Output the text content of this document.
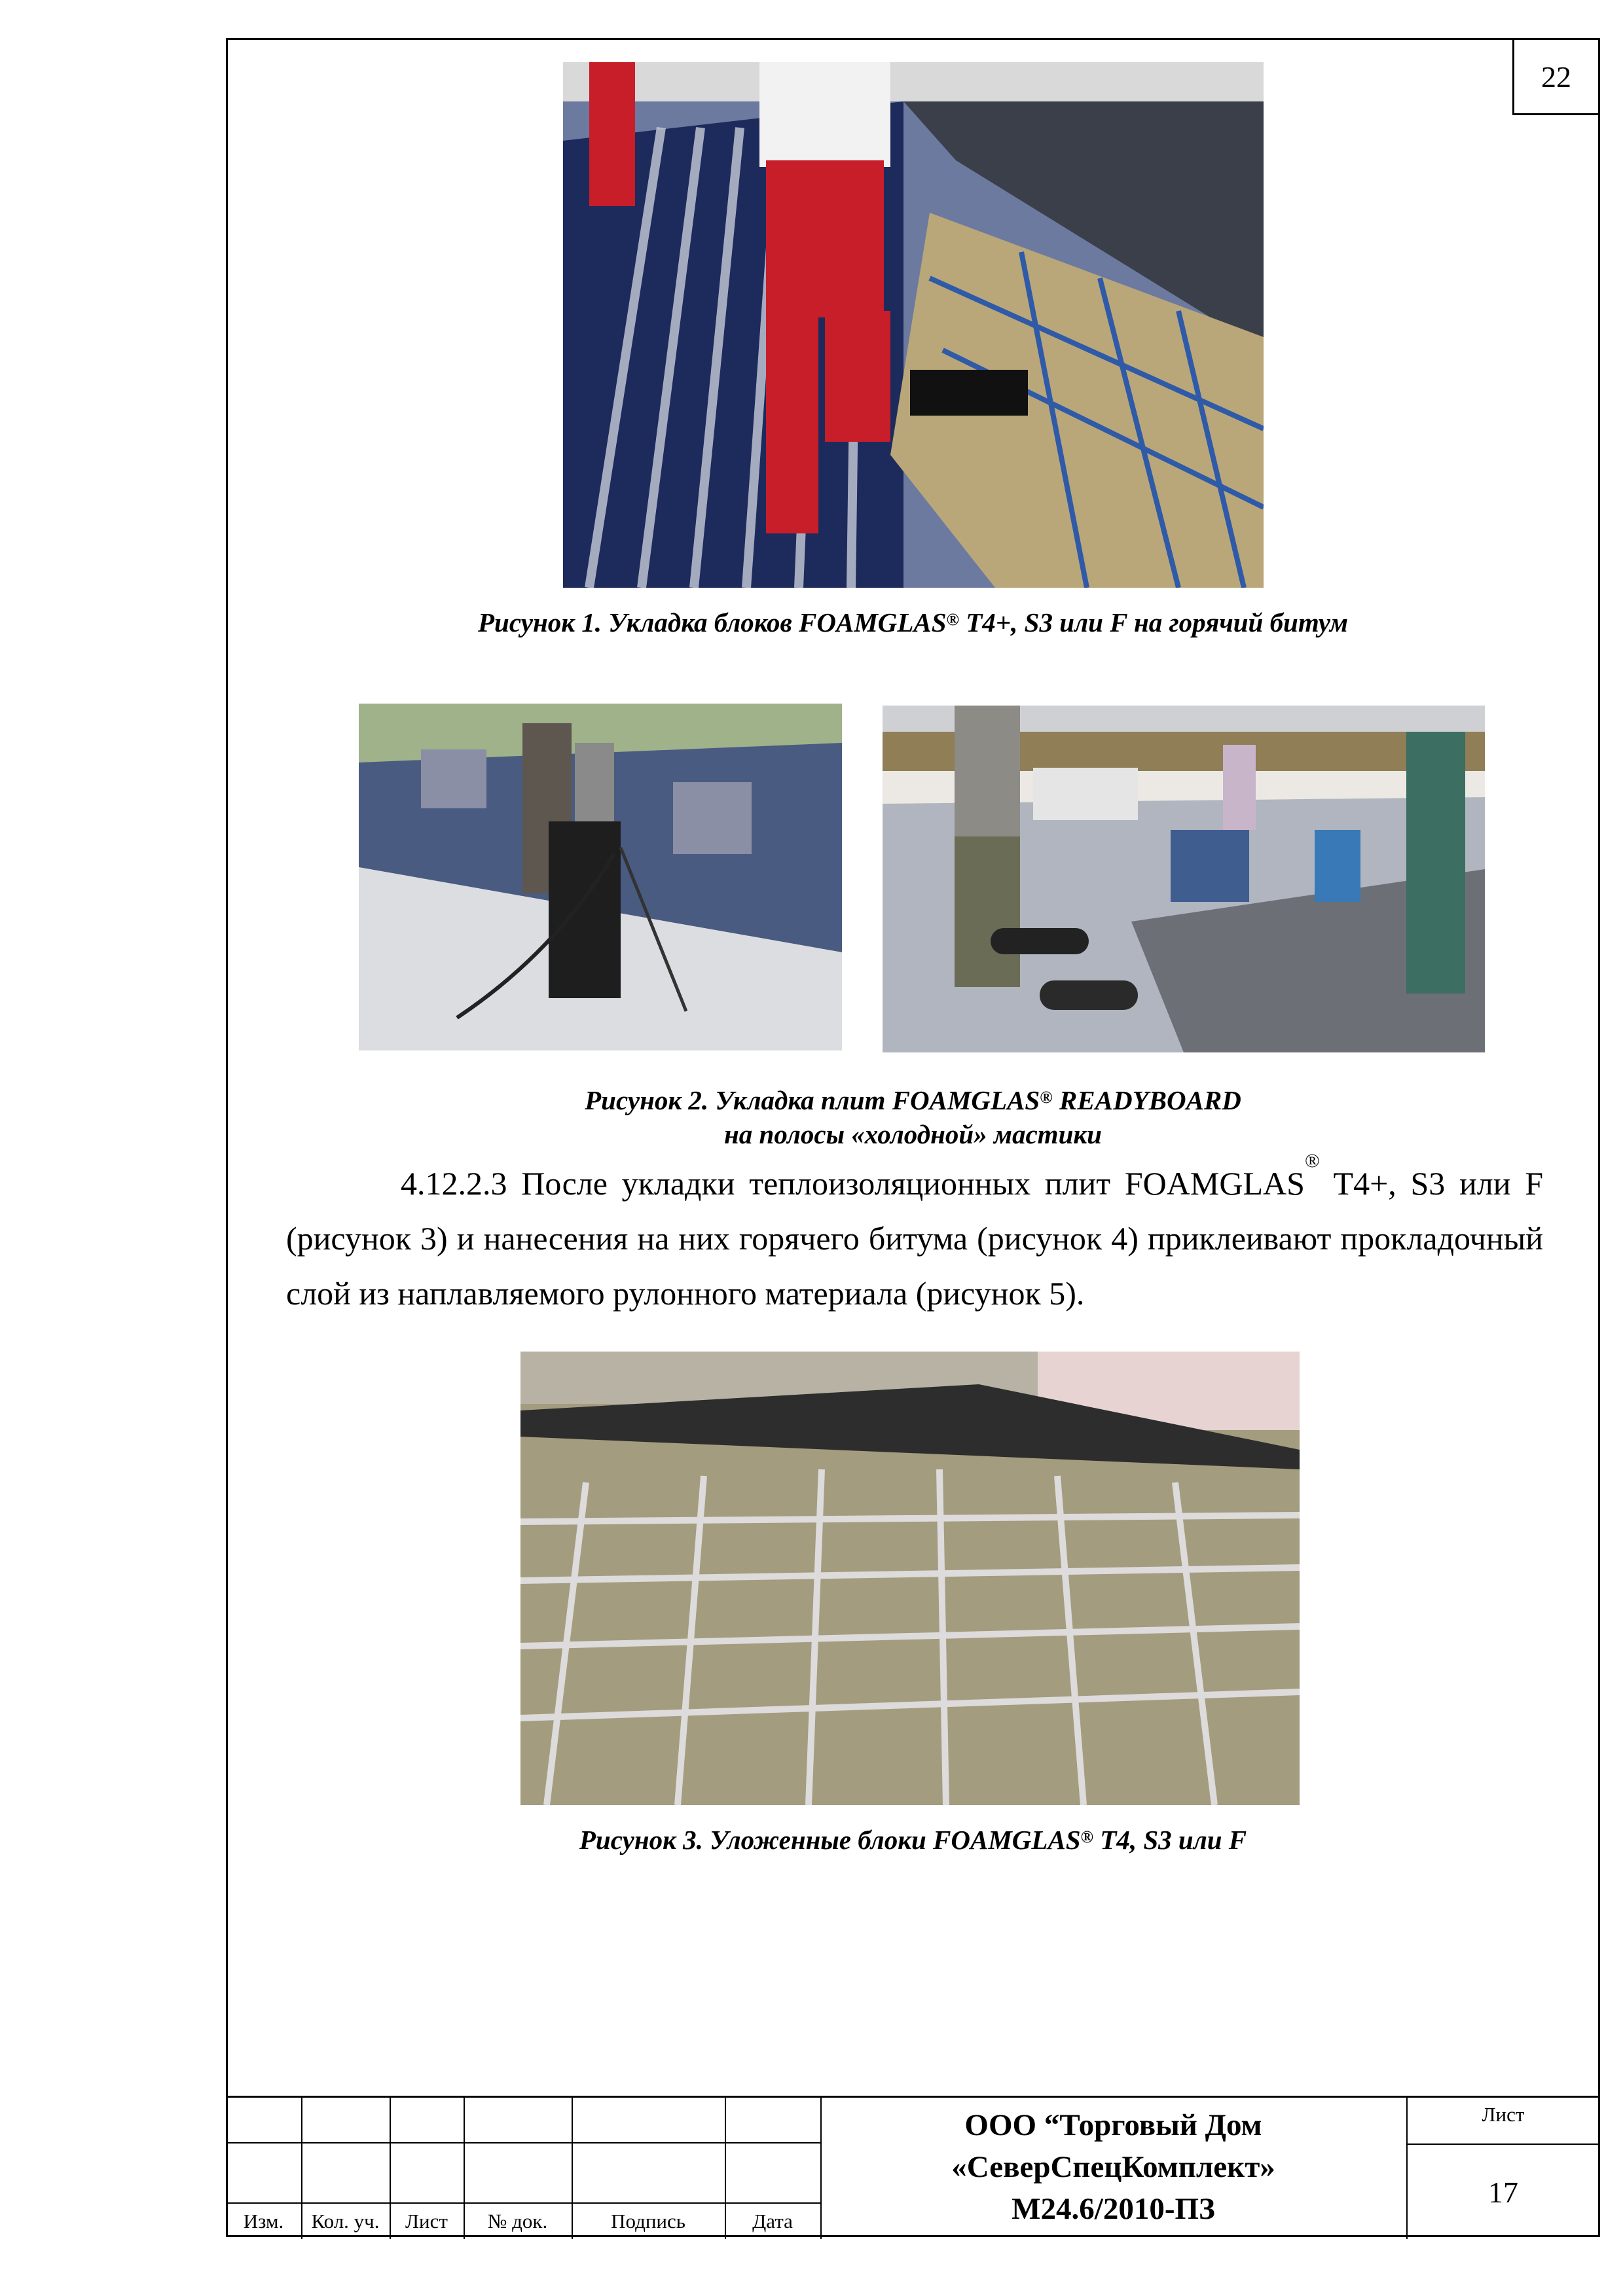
22
Рисунок 1. Укладка блоков FOAMGLAS® T4+, S3 или F на горячий битум
Рисунок 2. Укладка плит FOAMGLAS® READYBOARD
на полосы «холодной» мастики
4.12.2.3 После укладки теплоизоляционных плит FOAMGLAS® T4+, S3 или F (рисунок 3) и нанесения на них горячего битума (рисунок 4) приклеивают прокладочный слой из наплавляемого рулонного материала (рисунок 5).
Рисунок 3. Уложенные блоки FOAMGLAS® T4, S3 или F
Изм.	Кол. уч.	Лист	№ док.	Подпись	Дата
ООО “Торговый Дом
«СеверСпецКомплект»
М24.6/2010-ПЗ
Лист
17
